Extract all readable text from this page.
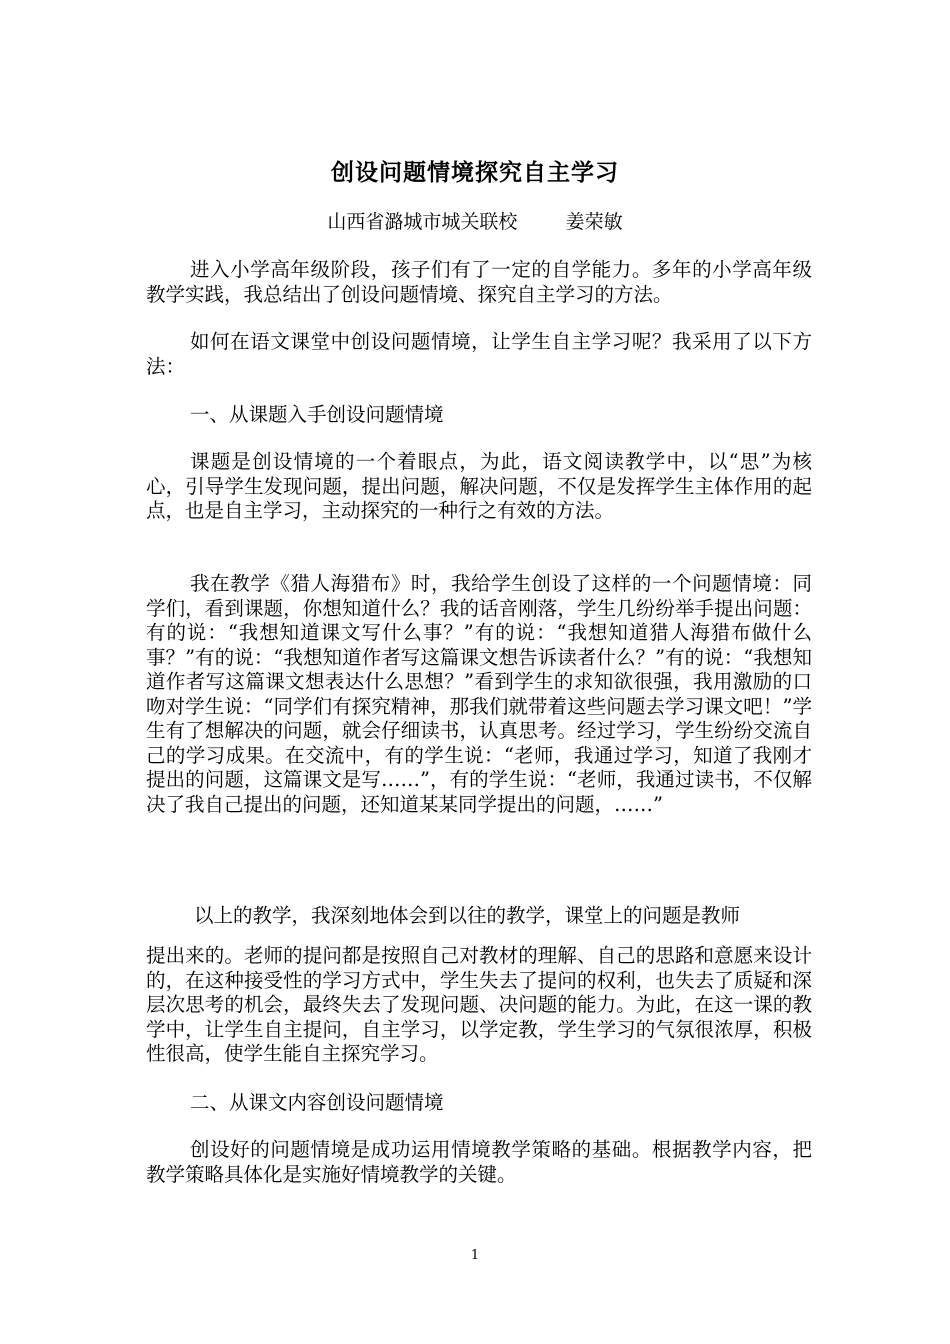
创设问题情境探究自主学习

山西省潞城市城关联校        姜荣敏

进入小学高年级阶段，孩子们有了一定的自学能力。多年的小学高年级教学实践，我总结出了创设问题情境、探究自主学习的方法。

如何在语文课堂中创设问题情境，让学生自主学习呢？我采用了以下方法：

一、从课题入手创设问题情境

课题是创设情境的一个着眼点，为此，语文阅读教学中，以“思”为核心，引导学生发现问题，提出问题，解决问题，不仅是发挥学生主体作用的起点，也是自主学习，主动探究的一种行之有效的方法。

我在教学《猎人海猎布》时，我给学生创设了这样的一个问题情境：同学们，看到课题，你想知道什么？我的话音刚落，学生几纷纷举手提出问题：有的说：“我想知道课文写什么事？”有的说：“我想知道猎人海猎布做什么事？”有的说：“我想知道作者写这篇课文想告诉读者什么？”有的说：“我想知道作者写这篇课文想表达什么思想？”看到学生的求知欲很强，我用激励的口吻对学生说：“同学们有探究精神，那我们就带着这些问题去学习课文吧！”学生有了想解决的问题，就会仔细读书，认真思考。经过学习，学生纷纷交流自己的学习成果。在交流中，有的学生说：“老师，我通过学习，知道了我刚才提出的问题，这篇课文是写……”，有的学生说：“老师，我通过读书，不仅解决了我自己提出的问题，还知道某某同学提出的问题，……”

以上的教学，我深刻地体会到以往的教学，课堂上的问题是教师

提出来的。老师的提问都是按照自己对教材的理解、自己的思路和意愿来设计的，在这种接受性的学习方式中，学生失去了提问的权利，也失去了质疑和深层次思考的机会，最终失去了发现问题、决问题的能力。为此，在这一课的教学中，让学生自主提问，自主学习，以学定教，学生学习的气氛很浓厚，积极性很高，使学生能自主探究学习。

二、从课文内容创设问题情境

创设好的问题情境是成功运用情境教学策略的基础。根据教学内容，把教学策略具体化是实施好情境教学的关键。

1
